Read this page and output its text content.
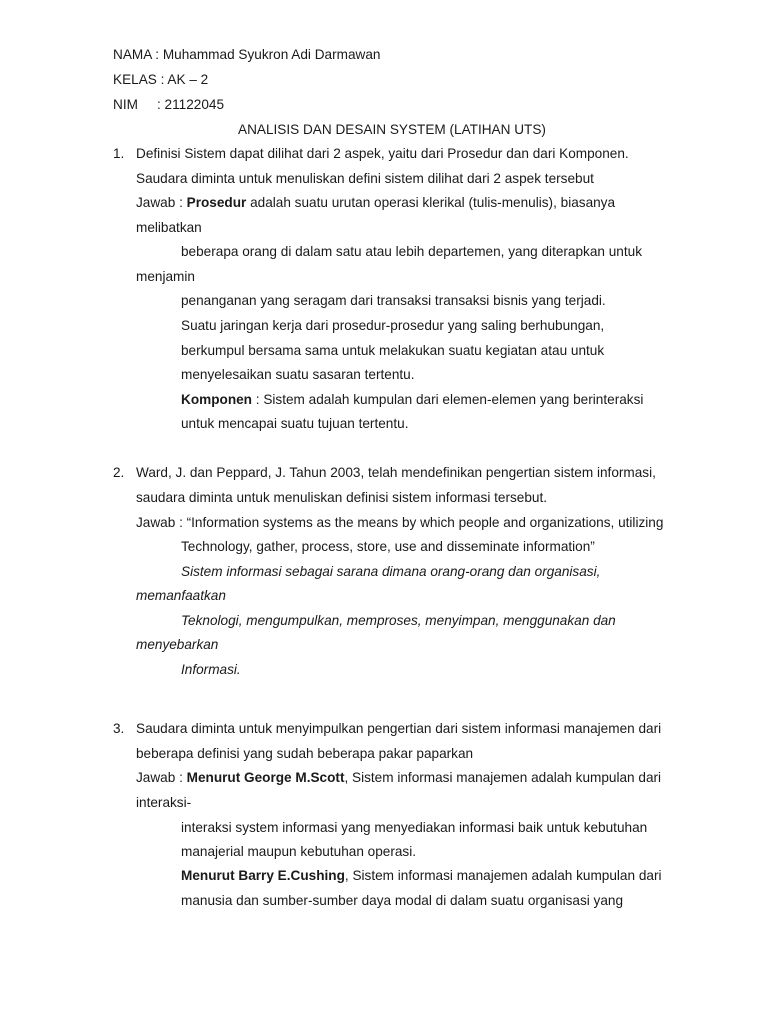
NAMA : Muhammad Syukron Adi Darmawan
KELAS : AK – 2
NIM : 21122045
ANALISIS DAN DESAIN SYSTEM (LATIHAN UTS)
1. Definisi Sistem dapat dilihat dari 2 aspek, yaitu dari Prosedur dan dari Komponen.
Saudara diminta untuk menuliskan defini sistem dilihat dari 2 aspek tersebut
Jawab : Prosedur adalah suatu urutan operasi klerikal (tulis-menulis), biasanya
melibatkan
beberapa orang di dalam satu atau lebih departemen, yang diterapkan untuk
menjamin
penanganan yang seragam dari transaksi transaksi bisnis yang terjadi.
Suatu jaringan kerja dari prosedur-prosedur yang saling berhubungan,
berkumpul bersama sama untuk melakukan suatu kegiatan atau untuk
menyelesaikan suatu sasaran tertentu.
Komponen : Sistem adalah kumpulan dari elemen-elemen yang berinteraksi
untuk mencapai suatu tujuan tertentu.
2. Ward, J. dan Peppard, J. Tahun 2003, telah mendefinikan pengertian sistem informasi,
saudara diminta untuk menuliskan definisi sistem informasi tersebut.
Jawab : “Information systems as the means by which people and organizations, utilizing
Technology, gather, process, store, use and disseminate information”
Sistem informasi sebagai sarana dimana orang-orang dan organisasi,
memanfaatkan
Teknologi, mengumpulkan, memproses, menyimpan, menggunakan dan
menyebarkan
Informasi.
3. Saudara diminta untuk menyimpulkan pengertian dari sistem informasi manajemen dari
beberapa definisi yang sudah beberapa pakar paparkan
Jawab : Menurut George M.Scott, Sistem informasi manajemen adalah kumpulan dari
interaksi-
interaksi system informasi yang menyediakan informasi baik untuk kebutuhan
manajerial maupun kebutuhan operasi.
Menurut Barry E.Cushing, Sistem informasi manajemen adalah kumpulan dari
manusia dan sumber-sumber daya modal di dalam suatu organisasi yang
